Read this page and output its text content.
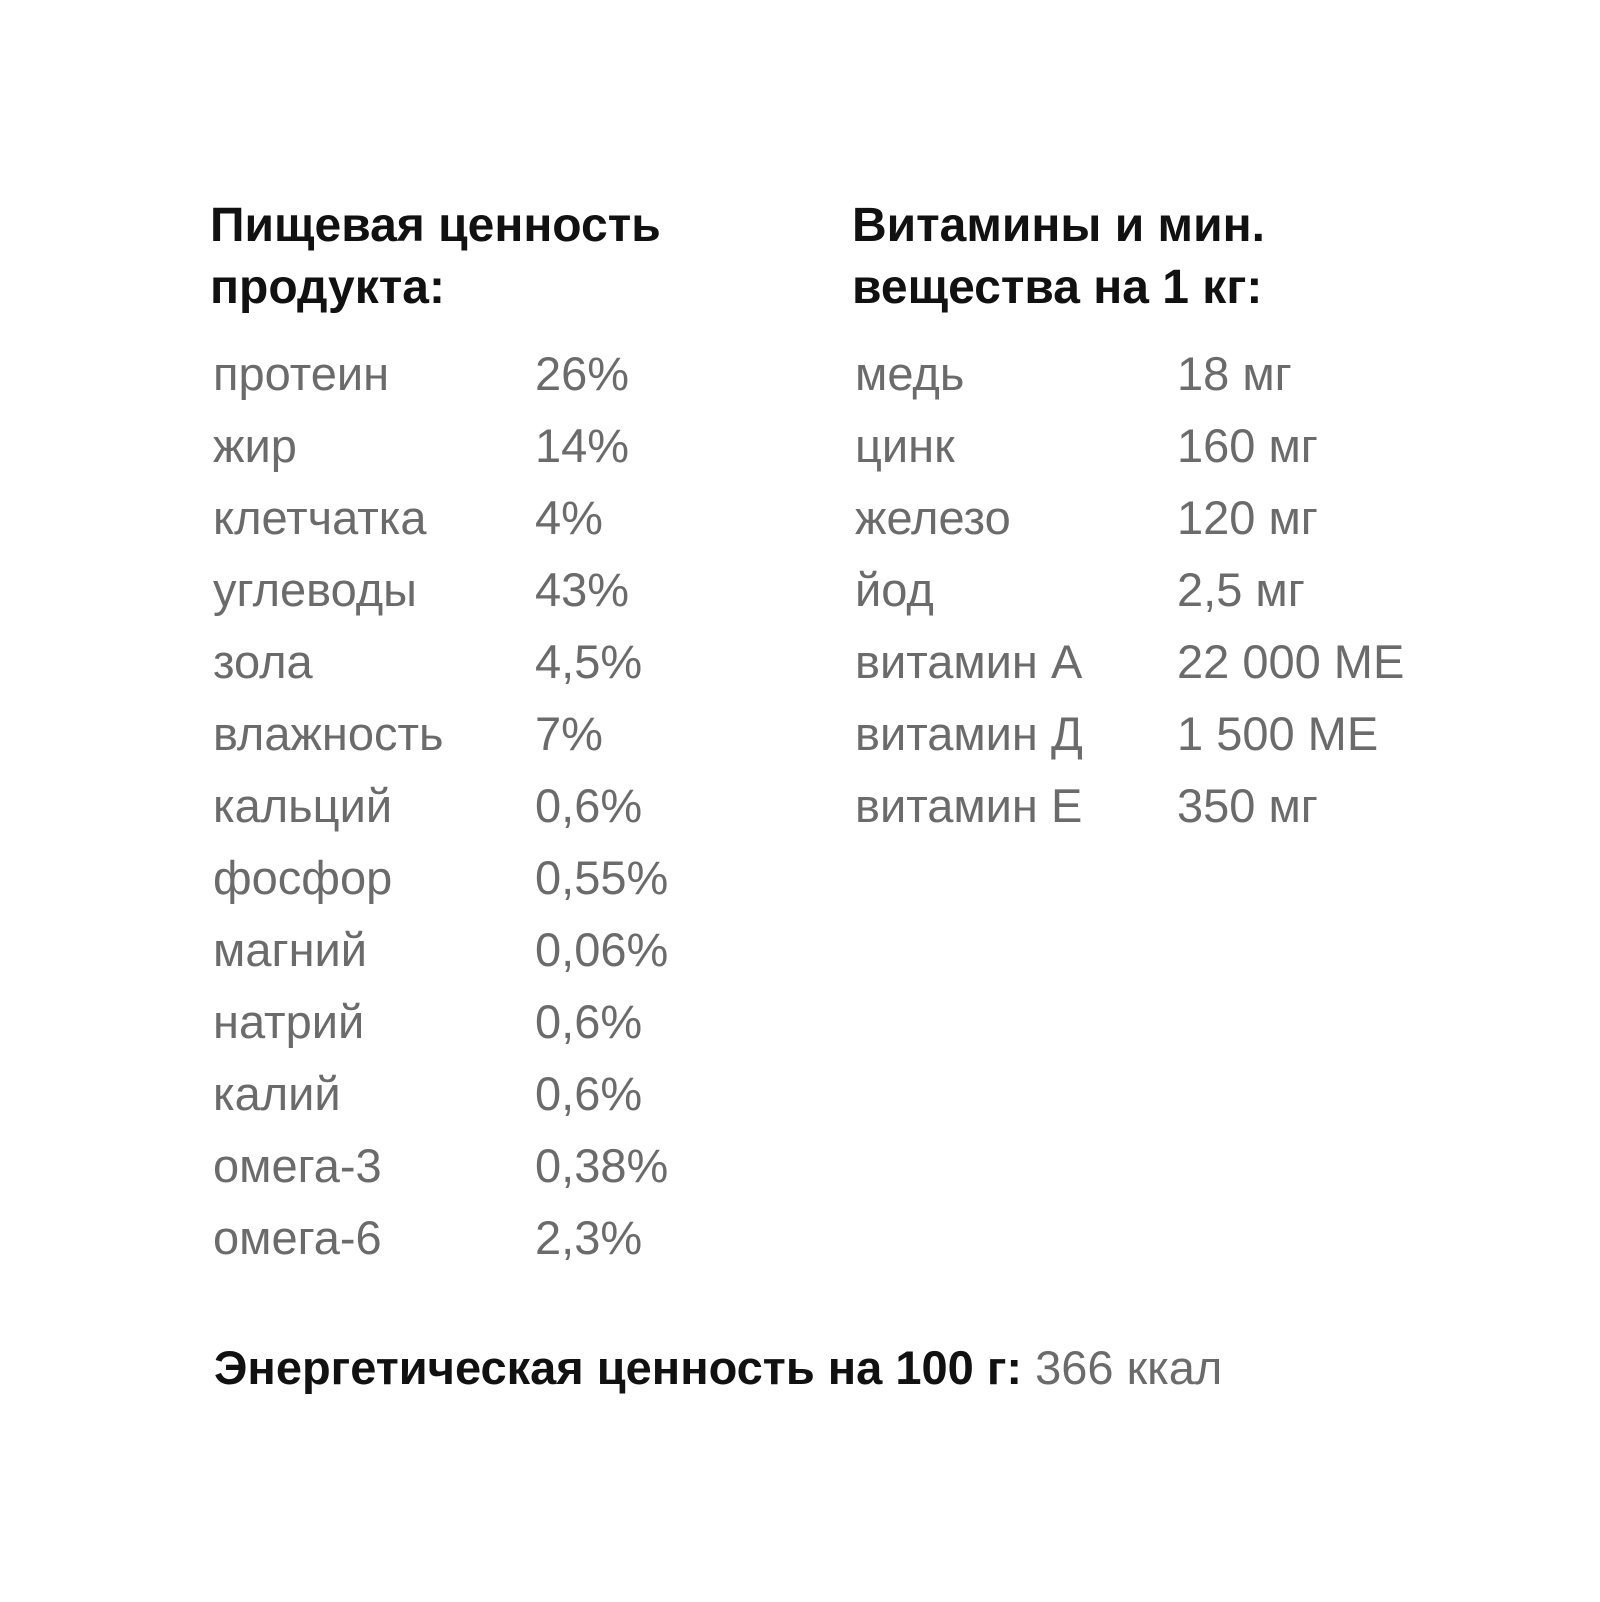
Пищевая ценность
продукта:
протеин	26%
жир	14%
клетчатка	4%
углеводы	43%
зола	4,5%
влажность	7%
кальций	0,6%
фосфор	0,55%
магний	0,06%
натрий	0,6%
калий	0,6%
омега-3	0,38%
омега-6	2,3%
Витамины и мин.
вещества на 1 кг:
медь	18 мг
цинк	160 мг
железо	120 мг
йод	2,5 мг
витамин А	22 000 МЕ
витамин Д	1 500 МЕ
витамин Е	350 мг
Энергетическая ценность на 100 г: 366 ккал
